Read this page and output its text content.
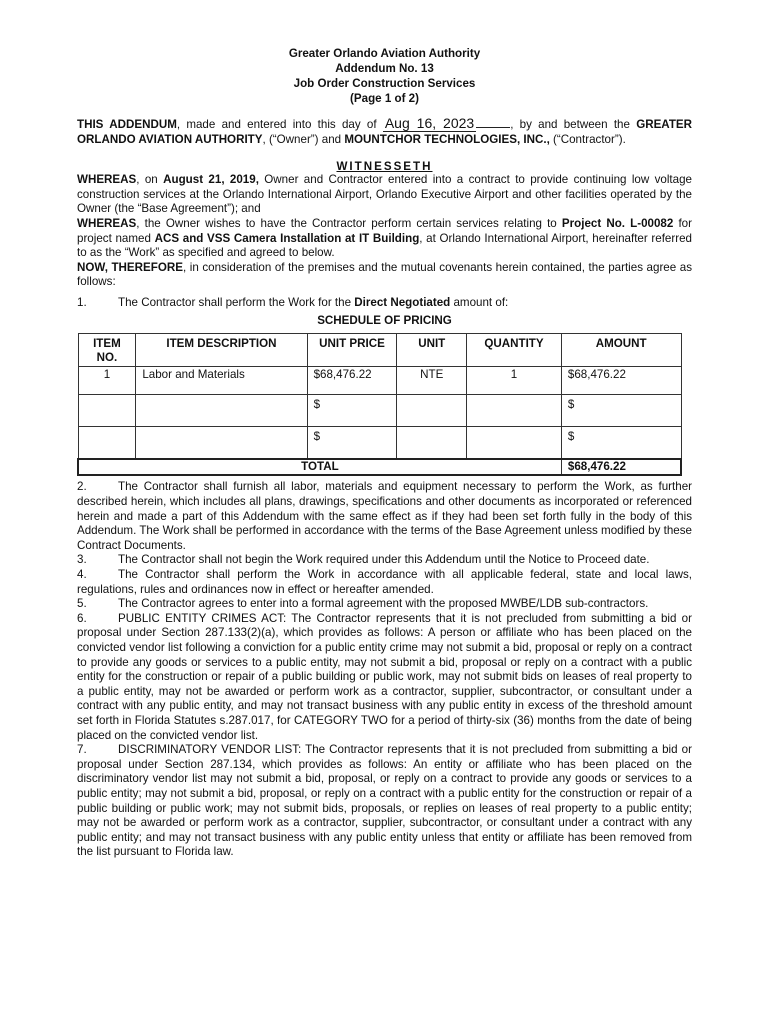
Greater Orlando Aviation Authority
Addendum No. 13
Job Order Construction Services
(Page 1 of 2)

THIS ADDENDUM, made and entered into this day of Aug 16, 2023	, by and between the GREATER ORLANDO AVIATION AUTHORITY, (“Owner”) and MOUNTCHOR TECHNOLOGIES, INC., (“Contractor”).

WITNESSETH

WHEREAS, on August 21, 2019, Owner and Contractor entered into a contract to provide continuing low voltage construction services at the Orlando International Airport, Orlando Executive Airport and other facilities operated by the Owner (the “Base Agreement”); and

WHEREAS, the Owner wishes to have the Contractor perform certain services relating to Project No. L-00082 for project named ACS and VSS Camera Installation at IT Building, at Orlando International Airport, hereinafter referred to as the “Work” as specified and agreed to below.

NOW, THEREFORE, in consideration of the premises and the mutual covenants herein contained, the parties agree as follows:

1.	The Contractor shall perform the Work for the Direct Negotiated amount of:
SCHEDULE OF PRICING
ITEM NO.	ITEM DESCRIPTION	UNIT PRICE	UNIT	QUANTITY	AMOUNT
1	Labor and Materials	$68,476.22	NTE	1	$68,476.22
		$			$
		$			$
TOTAL					$68,476.22

2.	The Contractor shall furnish all labor, materials and equipment necessary to perform the Work, as further described herein, which includes all plans, drawings, specifications and other documents as incorporated or referenced herein and made a part of this Addendum with the same effect as if they had been set forth fully in the body of this Addendum. The Work shall be performed in accordance with the terms of the Base Agreement unless modified by these Contract Documents.

3.	The Contractor shall not begin the Work required under this Addendum until the Notice to Proceed date.

4.	The Contractor shall perform the Work in accordance with all applicable federal, state and local laws, regulations, rules and ordinances now in effect or hereafter amended.

5.	The Contractor agrees to enter into a formal agreement with the proposed MWBE/LDB sub-contractors.

6.	PUBLIC ENTITY CRIMES ACT: The Contractor represents that it is not precluded from submitting a bid or proposal under Section 287.133(2)(a), which provides as follows: A person or affiliate who has been placed on the convicted vendor list following a conviction for a public entity crime may not submit a bid, proposal or reply on a contract to provide any goods or services to a public entity, may not submit a bid, proposal or reply on a contract with a public entity for the construction or repair of a public building or public work, may not submit bids on leases of real property to a public entity, may not be awarded or perform work as a contractor, supplier, subcontractor, or consultant under a contract with any public entity, and may not transact business with any public entity in excess of the threshold amount set forth in Florida Statutes s.287.017, for CATEGORY TWO for a period of thirty-six (36) months from the date of being placed on the convicted vendor list.

7.	DISCRIMINATORY VENDOR LIST: The Contractor represents that it is not precluded from submitting a bid or proposal under Section 287.134, which provides as follows: An entity or affiliate who has been placed on the discriminatory vendor list may not submit a bid, proposal, or reply on a contract to provide any goods or services to a public entity; may not submit a bid, proposal, or reply on a contract with a public entity for the construction or repair of a public building or public work; may not submit bids, proposals, or replies on leases of real property to a public entity; may not be awarded or perform work as a contractor, supplier, subcontractor, or consultant under a contract with any public entity; and may not transact business with any public entity unless that entity or affiliate has been removed from the list pursuant to Florida law.
